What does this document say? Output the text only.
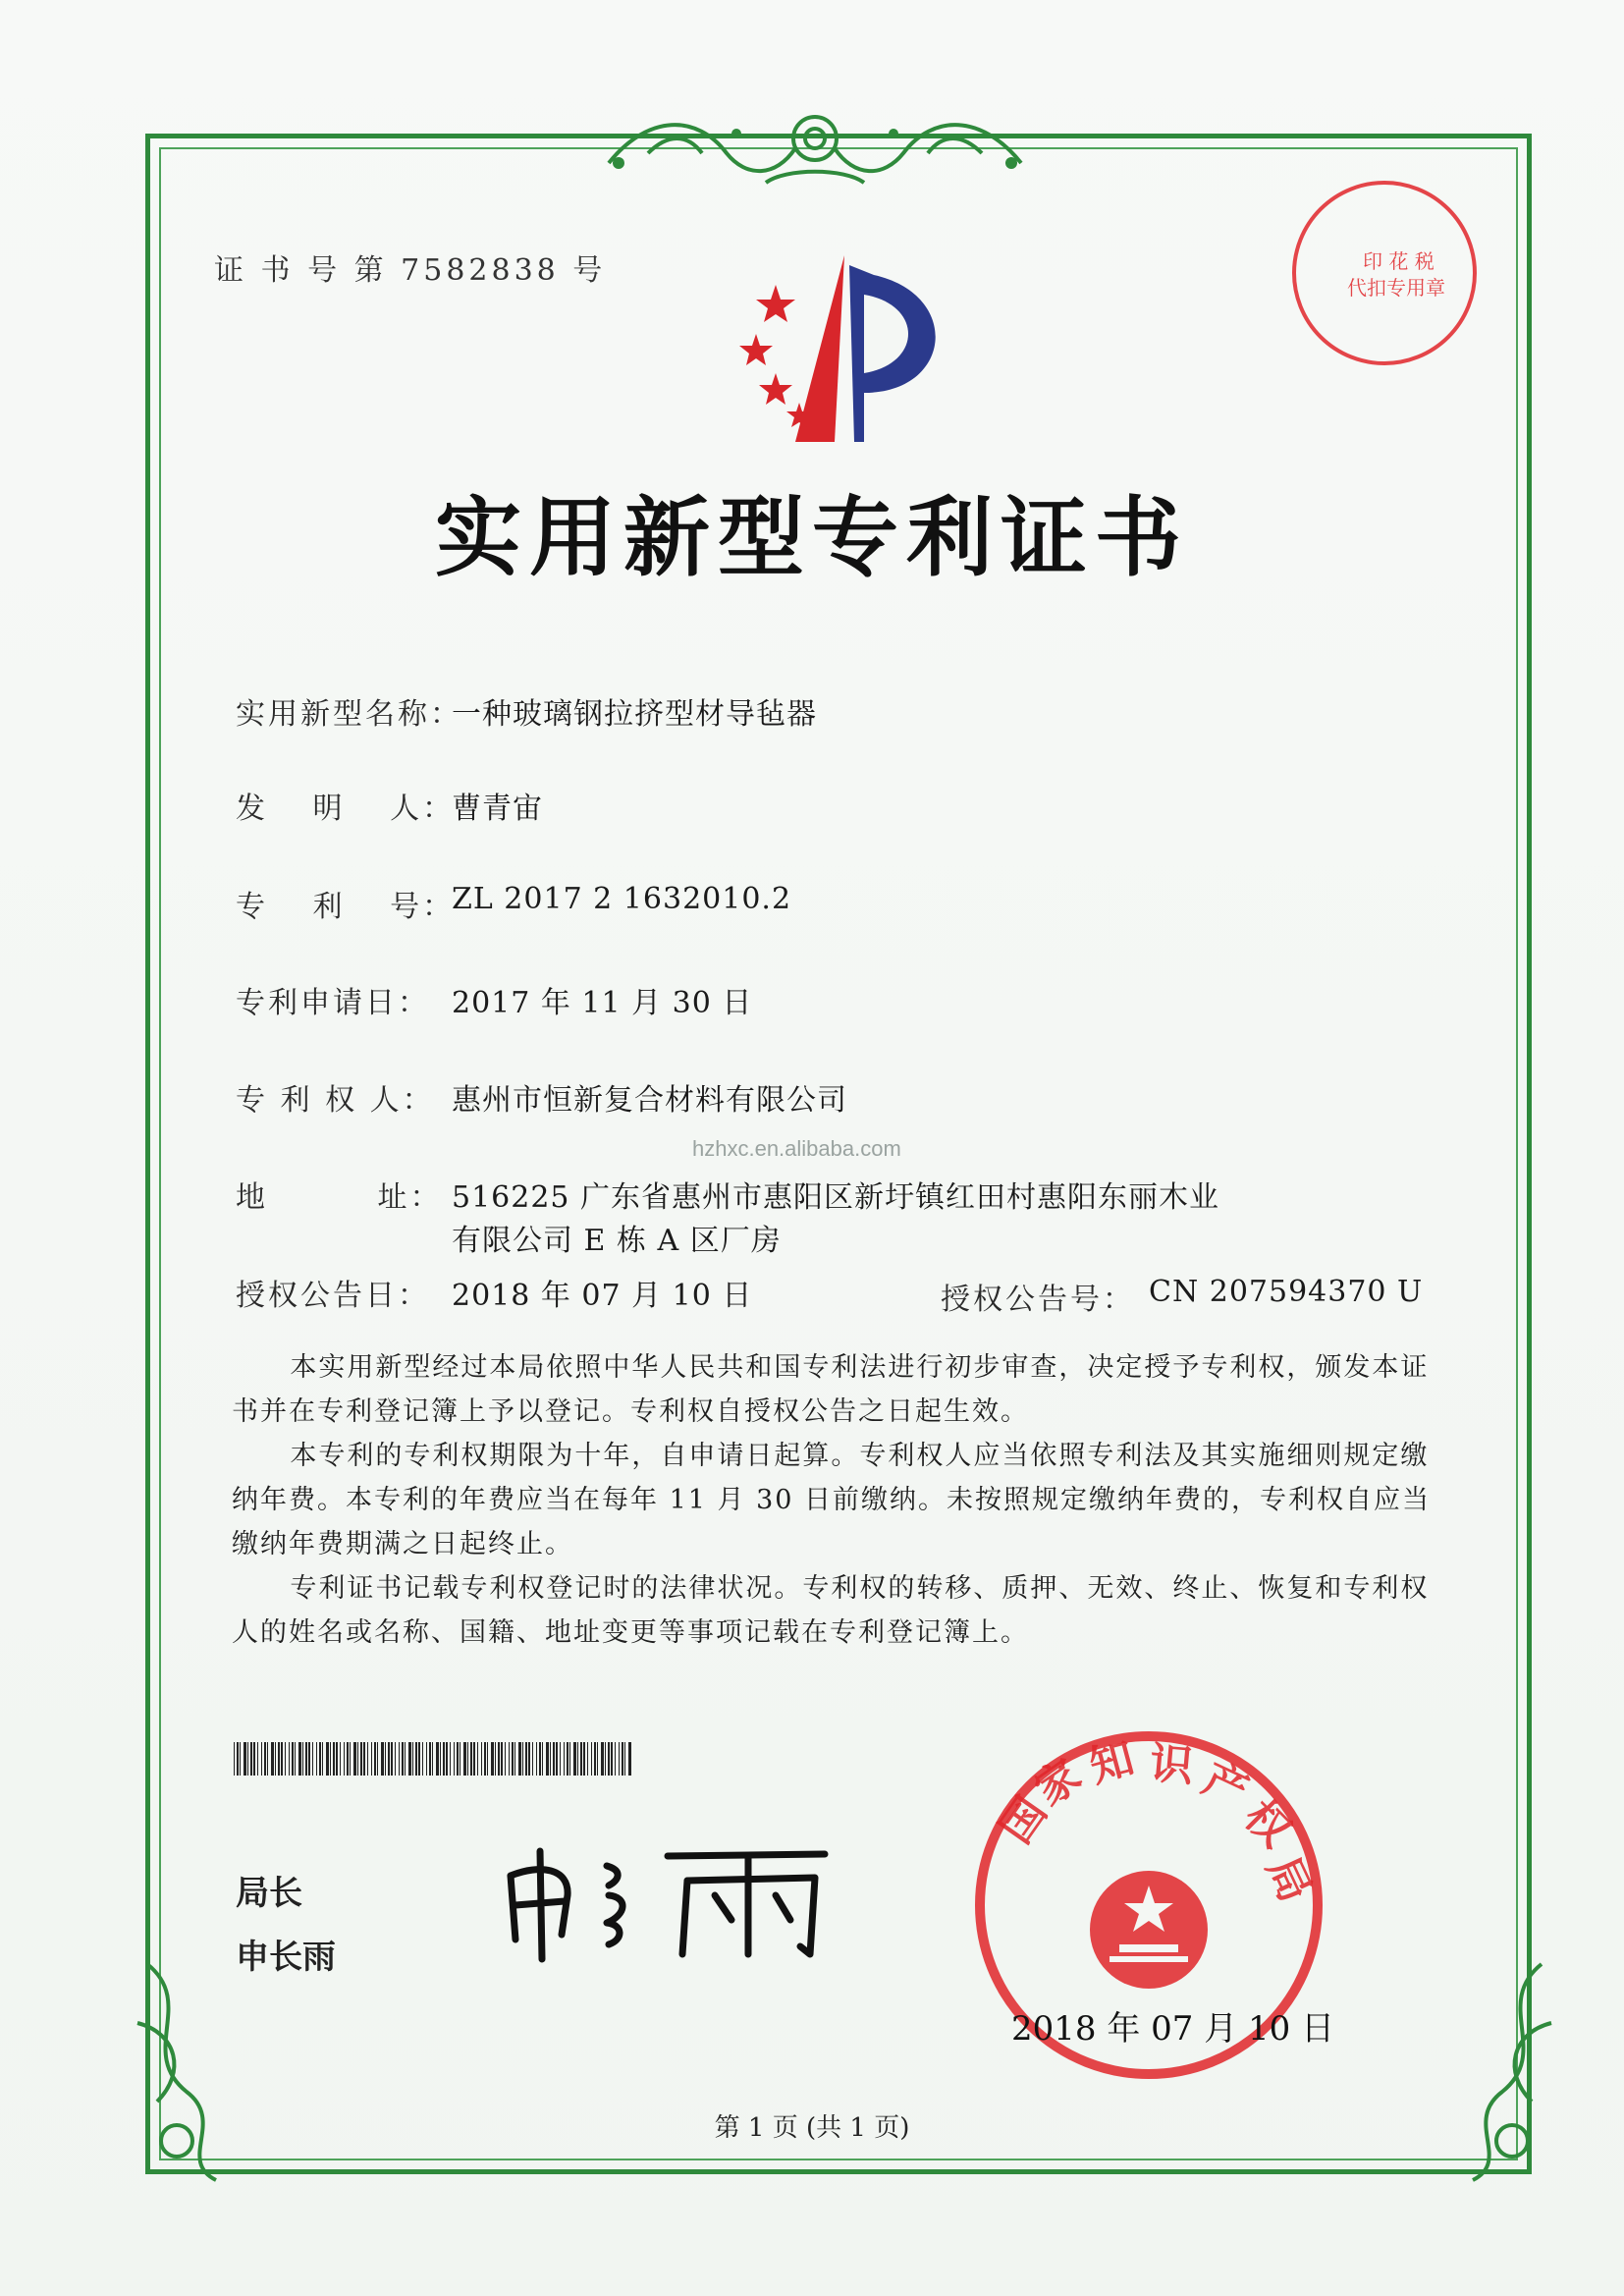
证 书 号 第 7582838 号
实用新型专利证书
实用新型名称：
一种玻璃钢拉挤型材导毡器
发　 明　 人：
曹青宙
专　 利　 号：
ZL 2017 2 1632010.2
专利申请日： 2017 年 11 月 30 日
专 利 权 人： 惠州市恒新复合材料有限公司
hzhxc.en.alibaba.com
地　　　 址： 516225 广东省惠州市惠阳区新圩镇红田村惠阳东丽木业
有限公司 E 栋 A 区厂房
授权公告日： 2018 年 07 月 10 日	授权公告号： CN 207594370 U

本实用新型经过本局依照中华人民共和国专利法进行初步审查，决定授予专利权，颁发本证书并在专利登记簿上予以登记。专利权自授权公告之日起生效。

本专利的专利权期限为十年，自申请日起算。专利权人应当依照专利法及其实施细则规定缴纳年费。本专利的年费应当在每年 11 月 30 日前缴纳。未按照规定缴纳年费的，专利权自应当缴纳年费期满之日起终止。

专利证书记载专利权登记时的法律状况。专利权的转移、质押、无效、终止、恢复和专利权人的姓名或名称、国籍、地址变更等事项记载在专利登记簿上。

局长
申长雨
国
家
知 识 产
权
局
2018 年 07 月 10 日
印 花 税
代扣专用章
第 1 页 (共 1 页)
